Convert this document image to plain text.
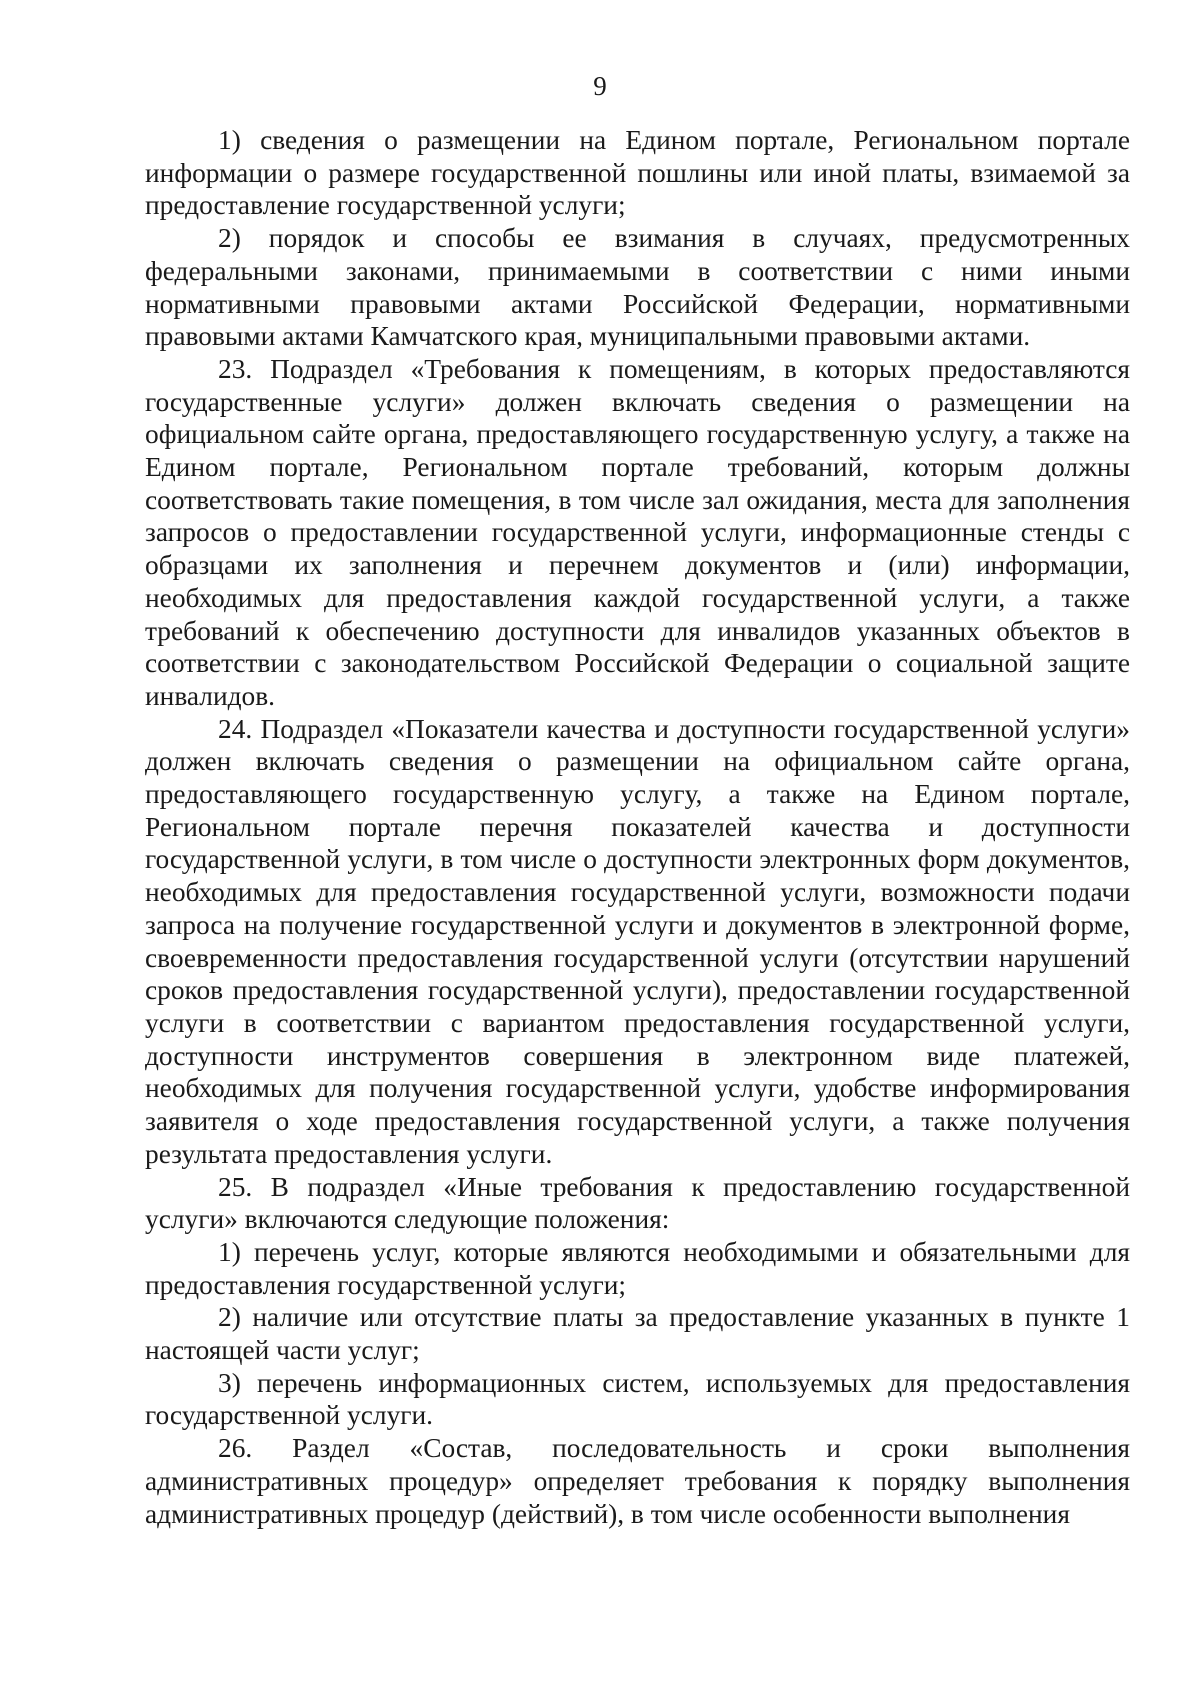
9

1) сведения о размещении на Едином портале, Региональном портале информации о размере государственной пошлины или иной платы, взимаемой за предоставление государственной услуги;

2) порядок и способы ее взимания в случаях, предусмотренных федеральными законами, принимаемыми в соответствии с ними иными нормативными правовыми актами Российской Федерации, нормативными правовыми актами Камчатского края, муниципальными правовыми актами.

23. Подраздел «Требования к помещениям, в которых предоставляются государственные услуги» должен включать сведения о размещении на официальном сайте органа, предоставляющего государственную услугу, а также на Едином портале, Региональном портале требований, которым должны соответствовать такие помещения, в том числе зал ожидания, места для заполнения запросов о предоставлении государственной услуги, информационные стенды с образцами их заполнения и перечнем документов и (или) информации, необходимых для предоставления каждой государственной услуги, а также требований к обеспечению доступности для инвалидов указанных объектов в соответствии с законодательством Российской Федерации о социальной защите инвалидов.

24. Подраздел «Показатели качества и доступности государственной услуги» должен включать сведения о размещении на официальном сайте органа, предоставляющего государственную услугу, а также на Едином портале, Региональном портале перечня показателей качества и доступности государственной услуги, в том числе о доступности электронных форм документов, необходимых для предоставления государственной услуги, возможности подачи запроса на получение государственной услуги и документов в электронной форме, своевременности предоставления государственной услуги (отсутствии нарушений сроков предоставления государственной услуги), предоставлении государственной услуги в соответствии с вариантом предоставления государственной услуги, доступности инструментов совершения в электронном виде платежей, необходимых для получения государственной услуги, удобстве информирования заявителя о ходе предоставления государственной услуги, а также получения результата предоставления услуги.

25. В подраздел «Иные требования к предоставлению государственной услуги» включаются следующие положения:

1) перечень услуг, которые являются необходимыми и обязательными для предоставления государственной услуги;

2) наличие или отсутствие платы за предоставление указанных в пункте 1 настоящей части услуг;

3) перечень информационных систем, используемых для предоставления государственной услуги.

26. Раздел «Состав, последовательность и сроки выполнения административных процедур» определяет требования к порядку выполнения административных процедур (действий), в том числе особенности выполнения
